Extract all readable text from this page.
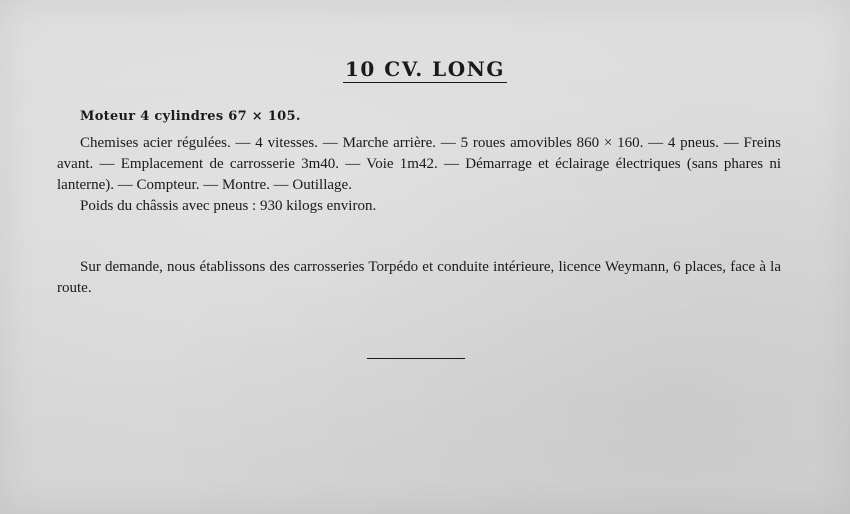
10 CV. LONG
Moteur 4 cylindres 67 × 105.

Chemises acier régulées. — 4 vitesses. — Marche arrière. — 5 roues amovibles 860 × 160. — 4 pneus. — Freins avant. — Emplacement de carrosserie 3m40. — Voie 1m42. — Démarrage et éclairage électriques (sans phares ni lanterne). — Compteur. — Montre. — Outillage.

Poids du châssis avec pneus : 930 kilogs environ.

Sur demande, nous établissons des carrosseries Torpédo et conduite intérieure, licence Weymann, 6 places, face à la route.
